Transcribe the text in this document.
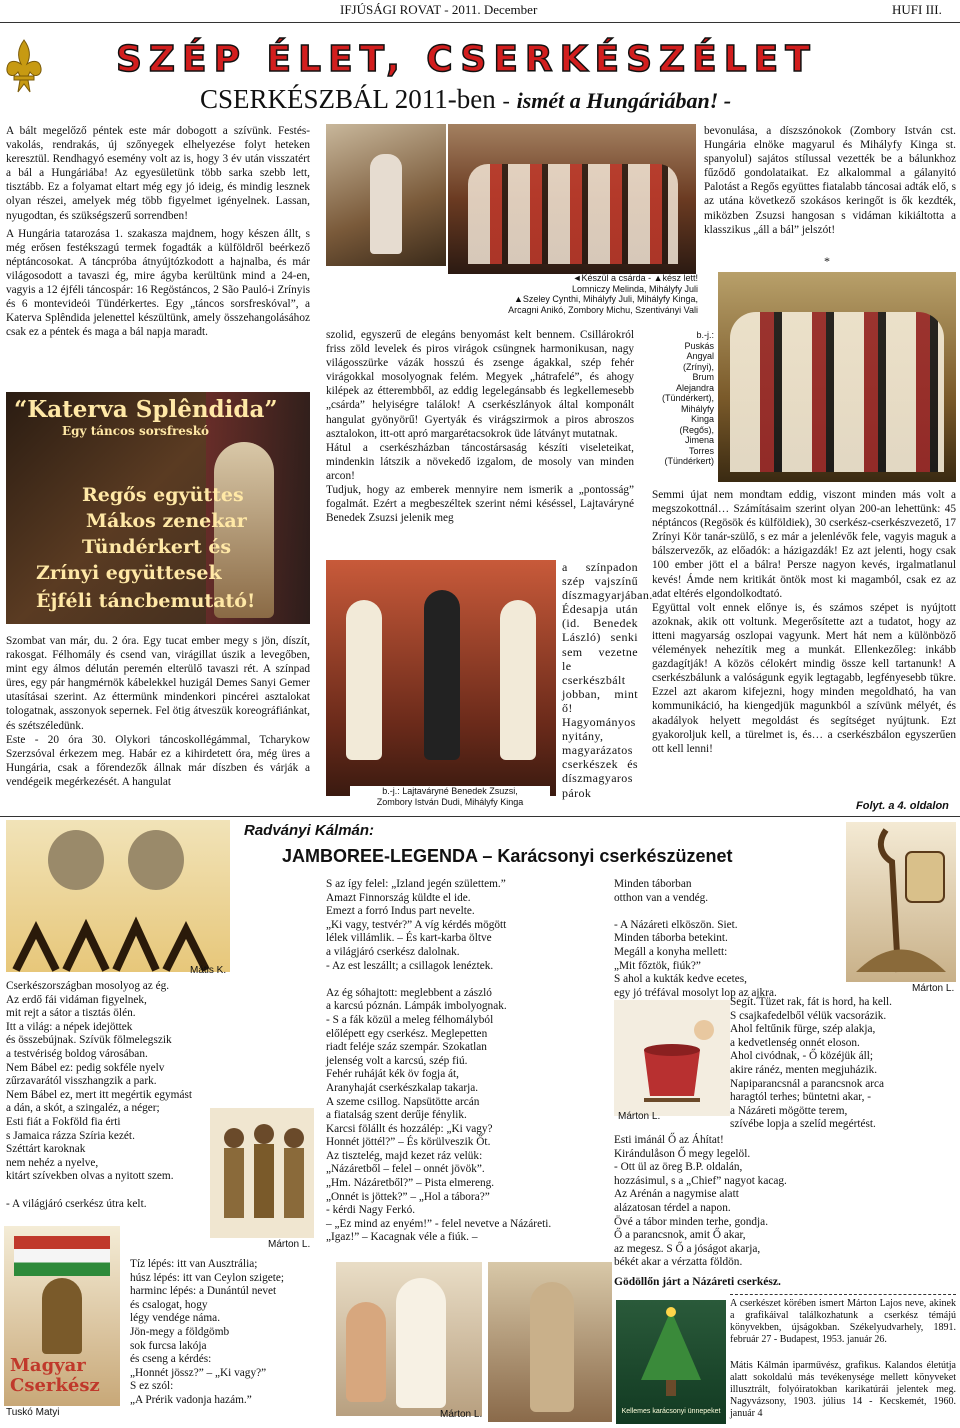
IFJÚSÁGI ROVAT - 2011. December	HUFI III.
SZÉP ÉLET, CSERKÉSZÉLET
CSERKÉSZBÁL 2011-ben - ismét a Hungáriában! -

A bált megelőző péntek este már dobogott a szívünk. Festés-vakolás, rendrakás, új szőnyegek elhelyezése folyt heteken keresztül. Rendhagyó esemény volt az is, hogy 3 év után visszatért a bál a Hungáriába! Az egyesületünk több sarka szebb lett, tisztább. Ez a folyamat eltart még egy jó ideig, és mindig lesznek olyan részei, amelyek még több figyelmet igényelnek. Lassan, nyugodtan, és szükségszerű sorrendben!

A Hungária tatarozása 1. szakasza majdnem, hogy készen állt, s még erősen festékszagú termek fogadták a külföldről beérkező néptáncosokat. A táncpróba átnyújtózkodott a hajnalba, és már világosodott a tavaszi ég, mire ágyba kerültünk mind a 24-en, vagyis a 12 éjféli táncospár: 16 Regöstáncos, 2 São Pauló-i Zrínyis és 6 montevideói Tündérkertes. Egy „táncos sorsfreskóval”, a Katerva Splêndida jelenettel készültünk, amely összehangolásához csak ez a péntek és maga a bál napja maradt.

“Katerva Splêndida”
Egy táncos sorsfreskó
Regős együttes
Mákos zenekar
Tündérkert és
Zrínyi együttesek
Éjféli táncbemutató!
Szombat van már, du. 2 óra. Egy tucat ember megy s jön, díszít, rakosgat. Félhomály és csend van, virágillat úszik a levegőben, mint egy álmos délután peremén elterülő tavaszi rét. A színpad üres, egy pár hangmérnök kábelekkel huzigál Demes Sanyi Gemer utasításai szerint. Az éttermünk mindenkori pincérei asztalokat tologatnak, asszonyok sepernek. Fel ötig átveszük koreográfiánkat, és szétszéledünk.
Este - 20 óra 30. Olykori táncoskollégámmal, Tcharykow Szerzsóval érkezem meg. Habár ez a kihirdetett óra, még üres a Hungária, csak a főrendezők állnak már díszben és várják a vendégeik megérkezését. A hangulat
◄Készül a csárda - ▲kész lett!
Lomniczy Melinda, Mihályfy Juli
▲Szeley Cynthi, Mihályfy Juli, Mihályfy Kinga,
Arcagni Anikó, Zombory Michu, Szentiványi Vali
szolid, egyszerű de elegáns benyomást kelt bennem. Csillárokról friss zöld levelek és piros virágok csüngnek harmonikusan, nagy világosszürke vázák hosszú és zsenge ágakkal, szép fehér virágokkal mosolyognak felém. Megyek „hátrafelé”, és ahogy kilépek az étterembből, az eddig legelegánsabb és legkellemesebb „csárda” helyiségre találok! A cserkészlányok által komponált hangulat gyönyörű! Gyertyák és virágszirmok a piros abroszos asztalokon, itt-ott apró margarétacsokrok üde látványt mutatnak.
Hátul a cserkészházban táncostársaság készíti viseleteikat, mindenkin látszik a növekedő izgalom, de mosoly van minden arcon!
Tudjuk, hogy az emberek mennyire nem ismerik a „pontosság” fogalmát. Ezért a megbeszéltek szerint némi késéssel, Lajtaváryné Benedek Zsuzsi jelenik meg
b.-j.: Lajtaváryné Benedek Zsuzsi,
Zombory István Dudi, Mihályfy Kinga
a színpadon szép vajszínű díszmagyarjában. Édesapja után (id. Benedek László) senki sem vezetne le cserkészbált jobban, mint ő! Hagyományos nyitány, magyarázatos cserkészek és díszmagyaros párok
bevonulása, a díszszónokok (Zombory István cst. Hungária elnöke magyarul és Mihályfy Kinga st. spanyolul) sajátos stílussal vezették be a bálunkhoz fűződő gondolataikat. Ez alkalommal a gálanyitó Palotást a Regős együttes fiatalabb táncosai adták elő, s az utána következő szokásos keringőt is ők kezdték, miközben Zsuzsi hangosan s vidáman kikiáltotta a klasszikus „áll a bál” jelszót!
*
b.-j.:
Puskás
Angyal
(Zrínyi),
Brum
Alejandra
(Tündérkert),
Mihályfy
Kinga
(Regős),
Jimena
Torres
(Tündérkert)
Semmi újat nem mondtam eddig, viszont minden más volt a megszokottnál… Számításaim szerint olyan 200-an lehettünk: 45 néptáncos (Regösök és külföldiek), 30 cserkész-cserkészvezető, 17 Zrínyi Kör tanár-szülő, s ez már a jelenlévők fele, vagyis maguk a bálszervezők, az előadók: a házigazdák! Ez azt jelenti, hogy csak 100 ember jött el a bálra! Persze nagyon kevés, irgalmatlanul kevés! Ámde nem kritikát öntök most ki magamból, csak ez az adat eltérés elgondolkodtató.
Együttal volt ennek előnye is, és számos szépet is nyújtott azoknak, akik ott voltunk. Megerősítette azt a tudatot, hogy az itteni magyarság oszlopai vagyunk. Mert hát nem a különböző vélemények nehezítik meg a munkát. Ellenkezőleg: inkább gazdagítják! A közös célokért mindig össze kell tartanunk! A cserkészbálunk a valóságunk egyik legtagabb, legfényesebb tükre. Ezzel azt akarom kifejezni, hogy minden megoldható, ha van kommunikáció, ha kiengedjük magunkból a szívünk mélyét, és akadályok helyett megoldást és segítséget nyújtunk. Ezt gyakoroljuk kell, a türelmet is, és… a cserkészbálon egyszerűen ott kell lenni!
Folyt. a 4. oldalon
Mátis K.
Radványi Kálmán:
JAMBOREE-LEGENDA – Karácsonyi cserkészüzenet
Cserkészországban mosolyog az ég.
Az erdő fái vidáman figyelnek,
mit rejt a sátor a tisztás ölén.
Itt a világ: a népek idejöttek
és összebújnak. Szívük fölmelegszik
a testvériség boldog városában.
Nem Bábel ez: pedig sokféle nyelv
zűrzavarától visszhangzik a park.
Nem Bábel ez, mert itt megértik egymást
a dán, a skót, a szingaléz, a néger;
Esti fiát a Fokföld fia érti
s Jamaica rázza Szíria kezét.
Széttárt karoknak
nem nehéz a nyelve,
kitárt szívekben olvas a nyitott szem.

- A világjáró cserkész útra kelt.
Márton L.
Magyar Cserkész
Tuskó Matyi
S az így felel: „Izland jegén születtem.”
Amazt Finnország küldte el ide.
Emezt a forró Indus part nevelte.
„Ki vagy, testvér?” A víg kérdés mögött
lélek villámlik. – És kart-karba öltve
a világjáró cserkész dalolnak.
- Az est leszállt; a csillagok lenéztek.

Az ég sóhajtott: meglebbent a zászló
a karcsú póznán. Lámpák imbolyognak.
- S a fák közül a meleg félhomályból
előlépett egy cserkész. Meglepetten
riadt feléje száz szempár. Szokatlan
jelenség volt a karcsú, szép fiú.
Fehér ruháját kék öv fogja át,
Aranyhaját cserkészkalap takarja.
A szeme csillog. Napsütötte arcán
a fiatalság szent derűje fénylik.
Karcsi fölállt és hozzálép: „Ki vagy?
Honnét jöttél?” – És körülveszik Őt.
Az tisztelég, majd kezet ráz velük:
„Názáretből – felel – onnét jövök”.
„Hm. Názáretből?” – Pista elmereng.
„Onnét is jöttek?” – „Hol a tábora?”
- kérdi Nagy Ferkó.
– „Ez mind az enyém!” - felel nevetve a Názáreti.
„Igaz!” – Kacagnak véle a fiúk. –
Tíz lépés: itt van Ausztrália;
húsz lépés: itt van Ceylon szigete;
harminc lépés: a Dunántúl nevet
és csalogat, hogy
légy vendége náma.
Jön-megy a földgömb
sok furcsa lakója
és cseng a kérdés:
„Honnét jössz?” – „Ki vagy?”
S ez szól:
„A Prérik vadonja hazám.”
Márton L.
Márton L.
Márton L.
Minden táborban
otthon van a vendég.

- A Názáreti elköszön. Siet.
Minden táborba betekint.
Megáll a konyha mellett:
„Mit főztök, fiúk?”
S ahol a kukták kedve ecetes,
egy jó tréfával mosolyt lop az ajkra.
Segít. Tüzet rak, fát is hord, ha kell.
S csajkafedelből vélük vacsorázik.
Ahol feltűnik fürge, szép alakja,
a kedvetlenség onnét eloson.
Ahol civódnak, - Ő közéjük áll;
akire ránéz, menten megjuházik.
Napiparancsnál a parancsnok arca
haragtól terhes; büntetni akar, -
a Názáreti mögötte terem,
szívébe lopja a szelíd megértést.
Esti imánál Ő az Áhítat!
Kirándulåson Ő megy legelöl.
- Ott ül az öreg B.P. oldalán,
hozzásimul, s a „Chief” nagyot kacag.
Az Arénán a nagymise alatt
alázatosan térdel a napon.
Övé a tábor minden terhe, gondja.
Ő a parancsnok, amit Ő akar,
az megesz. S Ő a jóságot akarja,
békét akar a vérzatta földön.
Gödöllőn járt a Názáreti cserkész.
A cserkészet körében ismert Márton Lajos neve, akinek a grafikáival találkozhatunk a cserkész témájú könyvekben, újságokban. Székelyudvarhely, 1891. február 27 - Budapest, 1953. január 26.
Mátis Kálmán iparművész, grafikus. Kalandos életútja alatt sokoldalú más tevékenysége mellett könyveket illusztrált, folyóiratokban karikatúrái jelentek meg. Nagyvázsony, 1903. július 14 - Kecskemét, 1960. január 4
Kellemes karácsonyi ünnepeket
